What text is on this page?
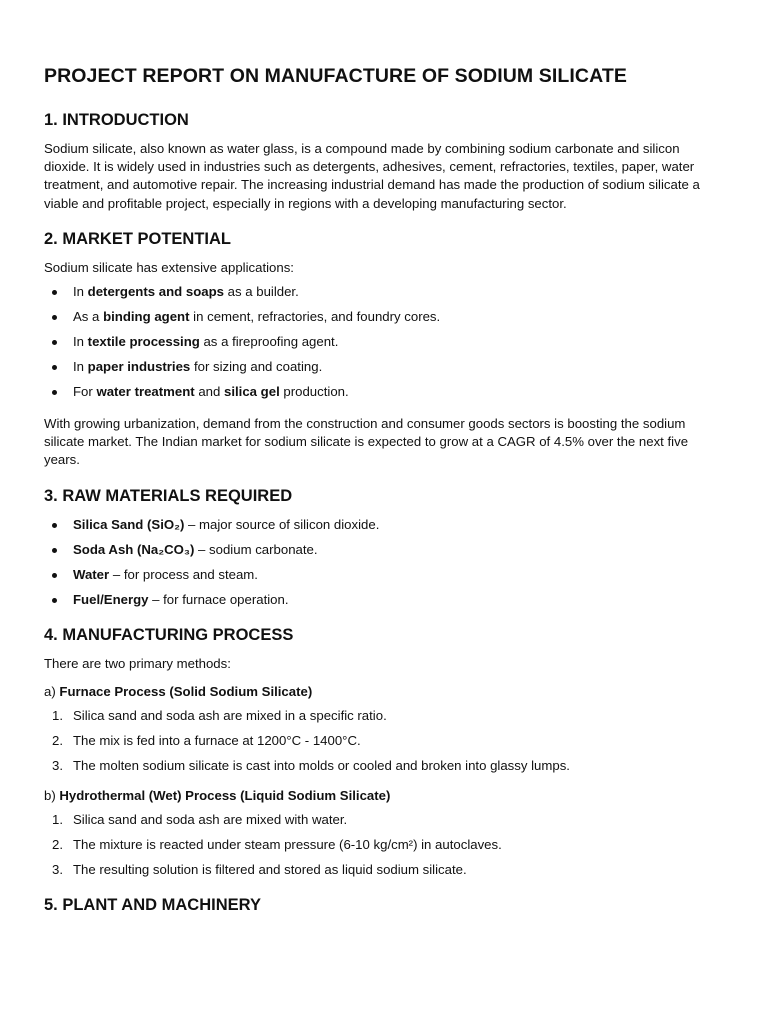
PROJECT REPORT ON MANUFACTURE OF SODIUM SILICATE
1. INTRODUCTION

Sodium silicate, also known as water glass, is a compound made by combining sodium carbonate and silicon dioxide. It is widely used in industries such as detergents, adhesives, cement, refractories, textiles, paper, water treatment, and automotive repair. The increasing industrial demand has made the production of sodium silicate a viable and profitable project, especially in regions with a developing manufacturing sector.

2. MARKET POTENTIAL

Sodium silicate has extensive applications:

In detergents and soaps as a builder.
As a binding agent in cement, refractories, and foundry cores.
In textile processing as a fireproofing agent.
In paper industries for sizing and coating.
For water treatment and silica gel production.

With growing urbanization, demand from the construction and consumer goods sectors is boosting the sodium silicate market. The Indian market for sodium silicate is expected to grow at a CAGR of 4.5% over the next five years.

3. RAW MATERIALS REQUIRED
Silica Sand (SiO₂) – major source of silicon dioxide.
Soda Ash (Na₂CO₃) – sodium carbonate.
Water – for process and steam.
Fuel/Energy – for furnace operation.
4. MANUFACTURING PROCESS

There are two primary methods:

a) Furnace Process (Solid Sodium Silicate)

1. Silica sand and soda ash are mixed in a specific ratio.
2. The mix is fed into a furnace at 1200°C - 1400°C.
3. The molten sodium silicate is cast into molds or cooled and broken into glassy lumps.

b) Hydrothermal (Wet) Process (Liquid Sodium Silicate)

1. Silica sand and soda ash are mixed with water.
2. The mixture is reacted under steam pressure (6-10 kg/cm²) in autoclaves.
3. The resulting solution is filtered and stored as liquid sodium silicate.
5. PLANT AND MACHINERY
